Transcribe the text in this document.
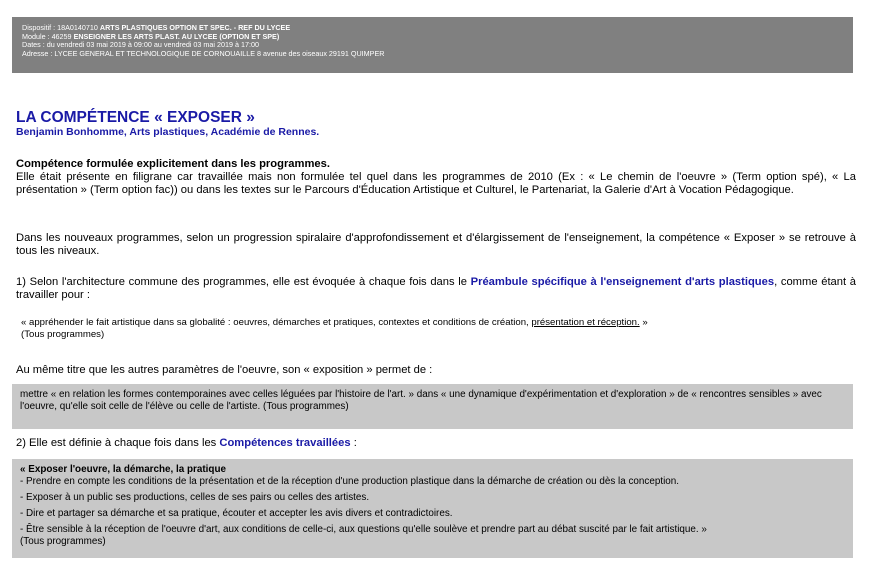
Dispositif : 18A0140710 ARTS PLASTIQUES OPTION ET SPEC. - REF DU LYCEE
Module : 46259 ENSEIGNER LES ARTS PLAST. AU LYCEE (OPTION ET SPE)
Dates : du vendredi 03 mai 2019 à 09:00 au vendredi 03 mai 2019 à 17:00
Adresse : LYCEE GENERAL ET TECHNOLOGIQUE DE CORNOUAILLE 8 avenue des oiseaux 29191 QUIMPER
LA COMPÉTENCE « EXPOSER »
Benjamin Bonhomme, Arts plastiques, Académie de Rennes.
Compétence formulée explicitement dans les programmes.
Elle était présente en filigrane car travaillée mais non formulée tel quel dans les programmes de 2010 (Ex : « Le chemin de l'oeuvre » (Term option spé), « La présentation » (Term option fac)) ou dans les textes sur le Parcours d'Éducation Artistique et Culturel, le Partenariat, la Galerie d'Art à Vocation Pédagogique.

Dans les nouveaux programmes, selon un progression spiralaire d'approfondissement et d'élargissement de l'enseignement, la compétence « Exposer » se retrouve à tous les niveaux.

1) Selon l'architecture commune des programmes, elle est évoquée à chaque fois dans le Préambule spécifique à l'enseignement d'arts plastiques, comme étant à travailler pour :

« appréhender le fait artistique dans sa globalité : oeuvres, démarches et pratiques, contextes et conditions de création, présentation et réception. »
(Tous programmes)

Au même titre que les autres paramètres de l'oeuvre, son « exposition » permet de :

mettre « en relation les formes contemporaines avec celles léguées par l'histoire de l'art. » dans « une dynamique d'expérimentation et d'exploration » de « rencontres sensibles » avec l'oeuvre, qu'elle soit celle de l'élève ou celle de l'artiste. (Tous programmes)

2) Elle est définie à chaque fois dans les Compétences travaillées :

« Exposer l'oeuvre, la démarche, la pratique
- Prendre en compte les conditions de la présentation et de la réception d'une production plastique dans la démarche de création ou dès la conception.
- Exposer à un public ses productions, celles de ses pairs ou celles des artistes.
- Dire et partager sa démarche et sa pratique, écouter et accepter les avis divers et contradictoires.
- Être sensible à la réception de l'oeuvre d'art, aux conditions de celle-ci, aux questions qu'elle soulève et prendre part au débat suscité par le fait artistique. »
(Tous programmes)
